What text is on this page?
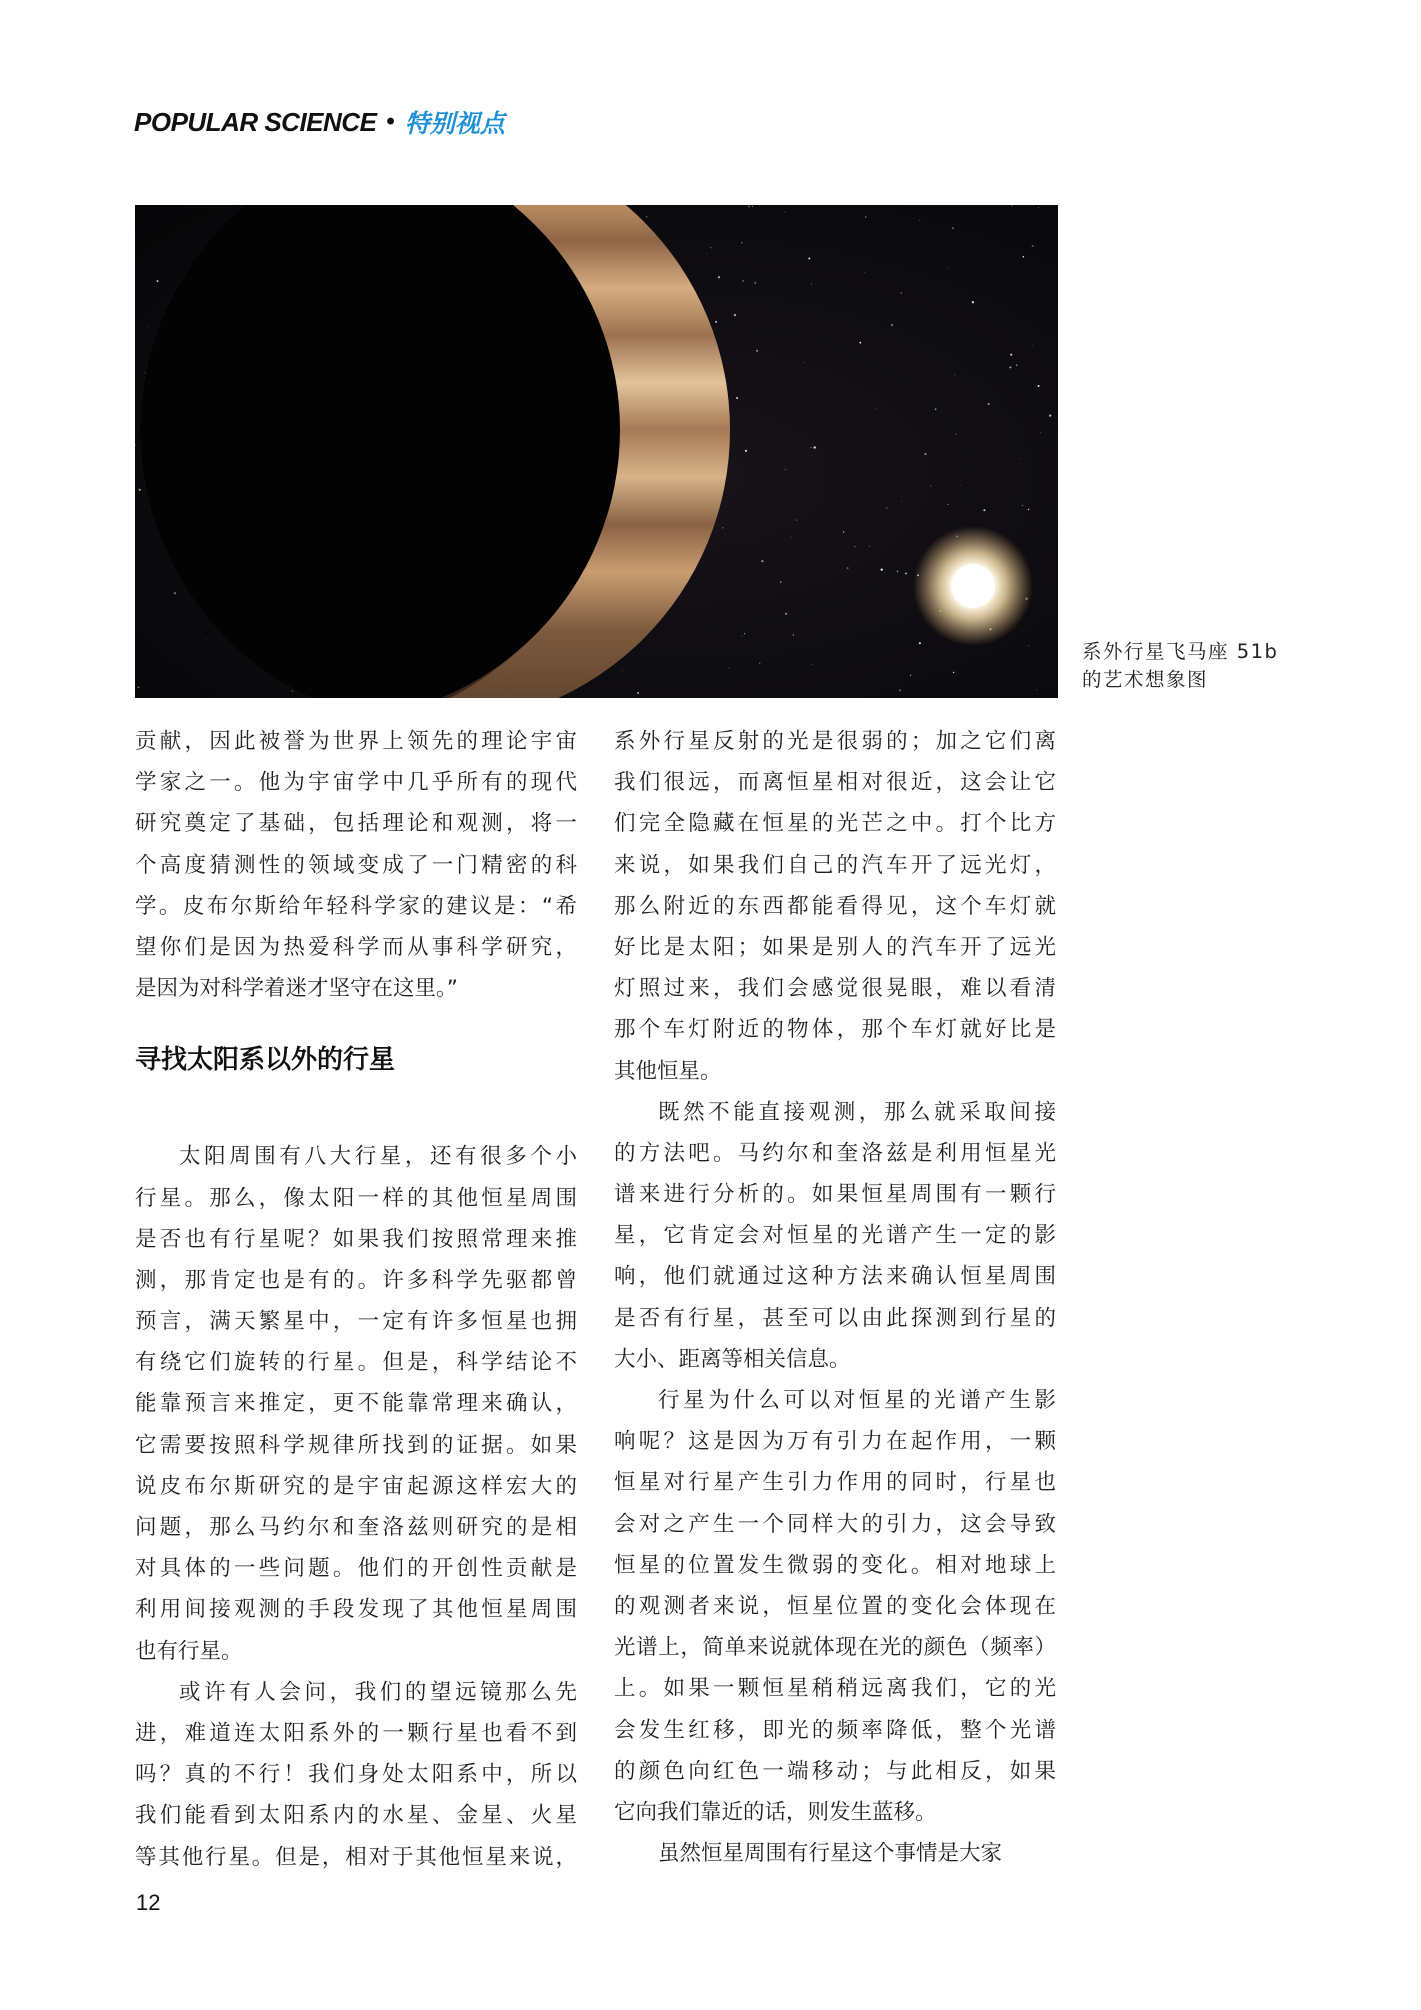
POPULAR SCIENCE • 特别视点
系外行星飞马座 51b
的艺术想象图
贡献，因此被誉为世界上领先的理论宇宙
学家之一。他为宇宙学中几乎所有的现代
研究奠定了基础，包括理论和观测，将一
个高度猜测性的领域变成了一门精密的科
学。皮布尔斯给年轻科学家的建议是：“希
望你们是因为热爱科学而从事科学研究，
是因为对科学着迷才坚守在这里。”
寻找太阳系以外的行星
太阳周围有八大行星，还有很多个小
行星。那么，像太阳一样的其他恒星周围
是否也有行星呢？如果我们按照常理来推
测，那肯定也是有的。许多科学先驱都曾
预言，满天繁星中，一定有许多恒星也拥
有绕它们旋转的行星。但是，科学结论不
能靠预言来推定，更不能靠常理来确认，
它需要按照科学规律所找到的证据。如果
说皮布尔斯研究的是宇宙起源这样宏大的
问题，那么马约尔和奎洛兹则研究的是相
对具体的一些问题。他们的开创性贡献是
利用间接观测的手段发现了其他恒星周围
也有行星。
或许有人会问，我们的望远镜那么先
进，难道连太阳系外的一颗行星也看不到
吗？真的不行！我们身处太阳系中，所以
我们能看到太阳系内的水星、金星、火星
等其他行星。但是，相对于其他恒星来说，
系外行星反射的光是很弱的；加之它们离
我们很远，而离恒星相对很近，这会让它
们完全隐藏在恒星的光芒之中。打个比方
来说，如果我们自己的汽车开了远光灯，
那么附近的东西都能看得见，这个车灯就
好比是太阳；如果是别人的汽车开了远光
灯照过来，我们会感觉很晃眼，难以看清
那个车灯附近的物体，那个车灯就好比是
其他恒星。
既然不能直接观测，那么就采取间接
的方法吧。马约尔和奎洛兹是利用恒星光
谱来进行分析的。如果恒星周围有一颗行
星，它肯定会对恒星的光谱产生一定的影
响，他们就通过这种方法来确认恒星周围
是否有行星，甚至可以由此探测到行星的
大小、距离等相关信息。
行星为什么可以对恒星的光谱产生影
响呢？这是因为万有引力在起作用，一颗
恒星对行星产生引力作用的同时，行星也
会对之产生一个同样大的引力，这会导致
恒星的位置发生微弱的变化。相对地球上
的观测者来说，恒星位置的变化会体现在
光谱上，简单来说就体现在光的颜色（频率）
上。如果一颗恒星稍稍远离我们，它的光
会发生红移，即光的频率降低，整个光谱
的颜色向红色一端移动；与此相反，如果
它向我们靠近的话，则发生蓝移。
虽然恒星周围有行星这个事情是大家
12
